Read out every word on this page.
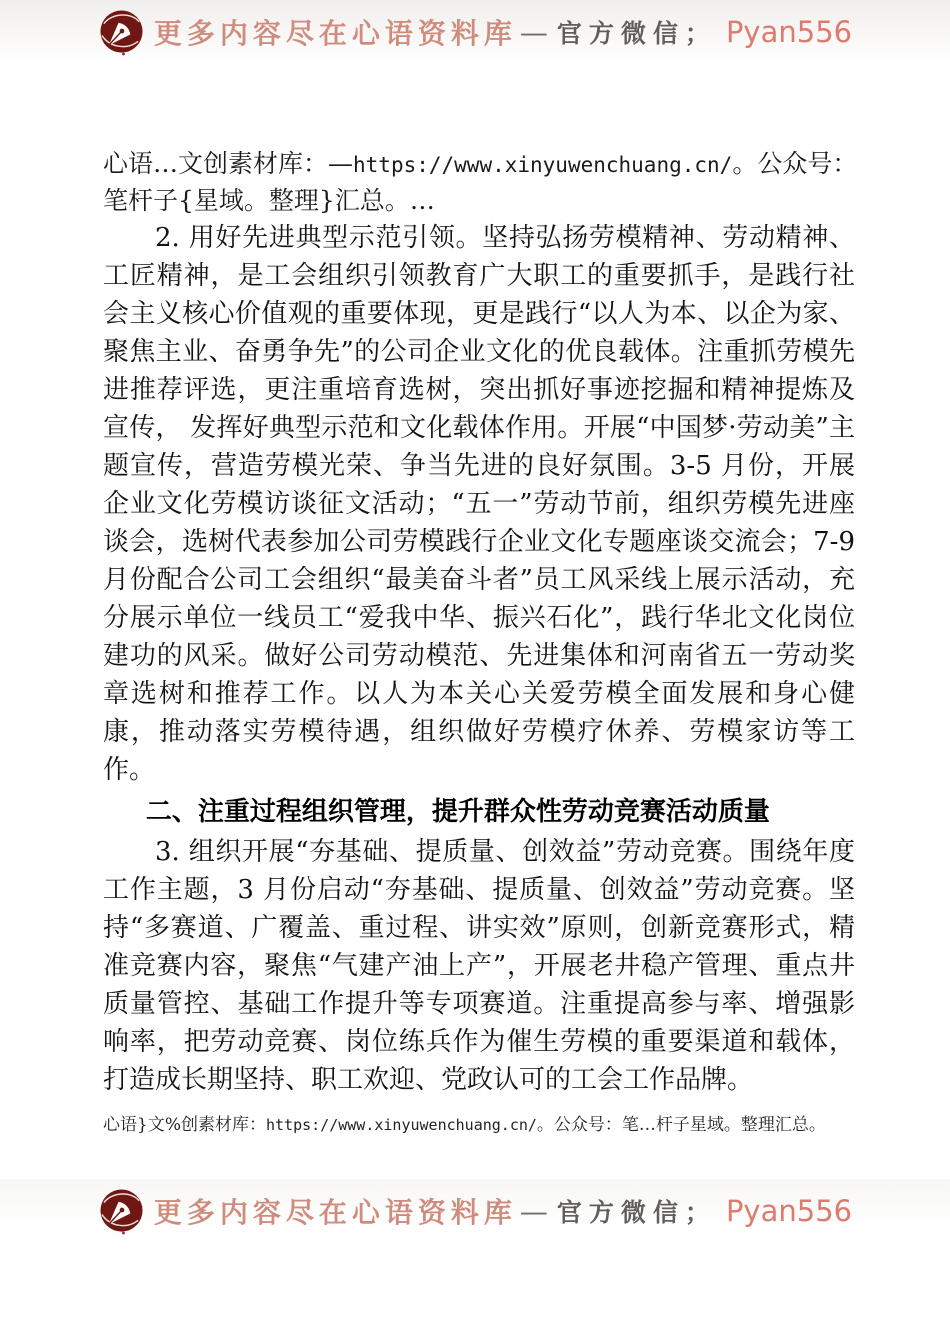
更多内容尽在心语资料库 — 官方微信； Pyan556
心语…文创素材库：—https://www.xinyuwenchuang.cn/。公众号：
笔杆子{星域。整理}汇总。…

2. 用好先进典型示范引领。坚持弘扬劳模精神、劳动精神、工匠精神，是工会组织引领教育广大职工的重要抓手，是践行社会主义核心价值观的重要体现，更是践行“以人为本、以企为家、聚焦主业、奋勇争先”的公司企业文化的优良载体。注重抓劳模先进推荐评选，更注重培育选树，突出抓好事迹挖掘和精神提炼及宣传， 发挥好典型示范和文化载体作用。开展“中国梦·劳动美”主题宣传，营造劳模光荣、争当先进的良好氛围。3-5 月份，开展企业文化劳模访谈征文活动；“五一”劳动节前，组织劳模先进座谈会，选树代表参加公司劳模践行企业文化专题座谈交流会；7-9 月份配合公司工会组织“最美奋斗者”员工风采线上展示活动，充分展示单位一线员工“爱我中华、振兴石化”，践行华北文化岗位建功的风采。做好公司劳动模范、先进集体和河南省五一劳动奖章选树和推荐工作。以人为本关心关爱劳模全面发展和身心健康，推动落实劳模待遇，组织做好劳模疗休养、劳模家访等工作。

二、注重过程组织管理，提升群众性劳动竞赛活动质量

3. 组织开展“夯基础、提质量、创效益”劳动竞赛。围绕年度工作主题，3 月份启动“夯基础、提质量、创效益”劳动竞赛。坚持“多赛道、广覆盖、重过程、讲实效”原则，创新竞赛形式，精准竞赛内容，聚焦“气建产油上产”，开展老井稳产管理、重点井质量管控、基础工作提升等专项赛道。注重提高参与率、增强影响率，把劳动竞赛、岗位练兵作为催生劳模的重要渠道和载体，打造成长期坚持、职工欢迎、党政认可的工会工作品牌。

心语}文%创素材库：https://www.xinyuwenchuang.cn/。公众号：笔…杆子星域。整理汇总。
更多内容尽在心语资料库 — 官方微信； Pyan556
